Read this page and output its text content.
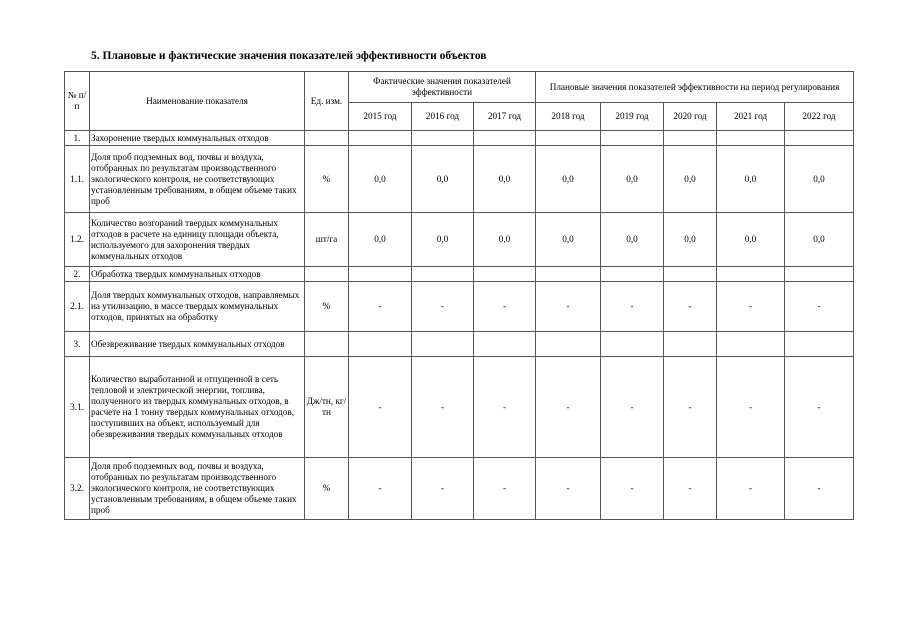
5. Плановые и фактические значения показателей эффективности объектов
№ п/п	Наименование показателя	Ед. изм.	Фактические значения показателей эффективности			Плановые значения показателей эффективности на период регулирования				
			2015 год	2016 год	2017 год	2018 год	2019 год	2020 год	2021 год	2022 год
1.	Захоронение твердых коммунальных отходов									
1.1.	Доля проб подземных вод, почвы и воздуха, отобранных по результатам производственного экологического контроля, не соответствующих установленным требованиям, в общем объеме таких проб	%	0,0	0,0	0,0	0,0	0,0	0,0	0,0	0,0
1.2.	Количество возгораний твердых коммунальных отходов в расчете на единицу площади объекта, используемого для захоронения твердых коммунальных отходов	шт/га	0,0	0,0	0,0	0,0	0,0	0,0	0,0	0,0
2.	Обработка твердых коммунальных отходов									
2.1.	Доля твердых коммунальных отходов, направляемых на утилизацию, в массе твердых коммунальных отходов, принятых на обработку	%	-	-	-	-	-	-	-	-
3.	Обезвреживание твердых коммунальных отходов									
3.1.	Количество выработанной и отпущенной в сеть тепловой и электрической энергии, топлива, полученного из твердых коммунальных отходов, в расчете на 1 тонну твердых коммунальных отходов, поступивших на объект, используемый для обезвреживания твердых коммунальных отходов	Дж/тн, кг/тн	-	-	-	-	-	-	-	-
3.2.	Доля проб подземных вод, почвы и воздуха, отобранных по результатам производственного экологического контроля, не соответствующих установленным требованиям, в общем объеме таких проб	%	-	-	-	-	-	-	-	-
